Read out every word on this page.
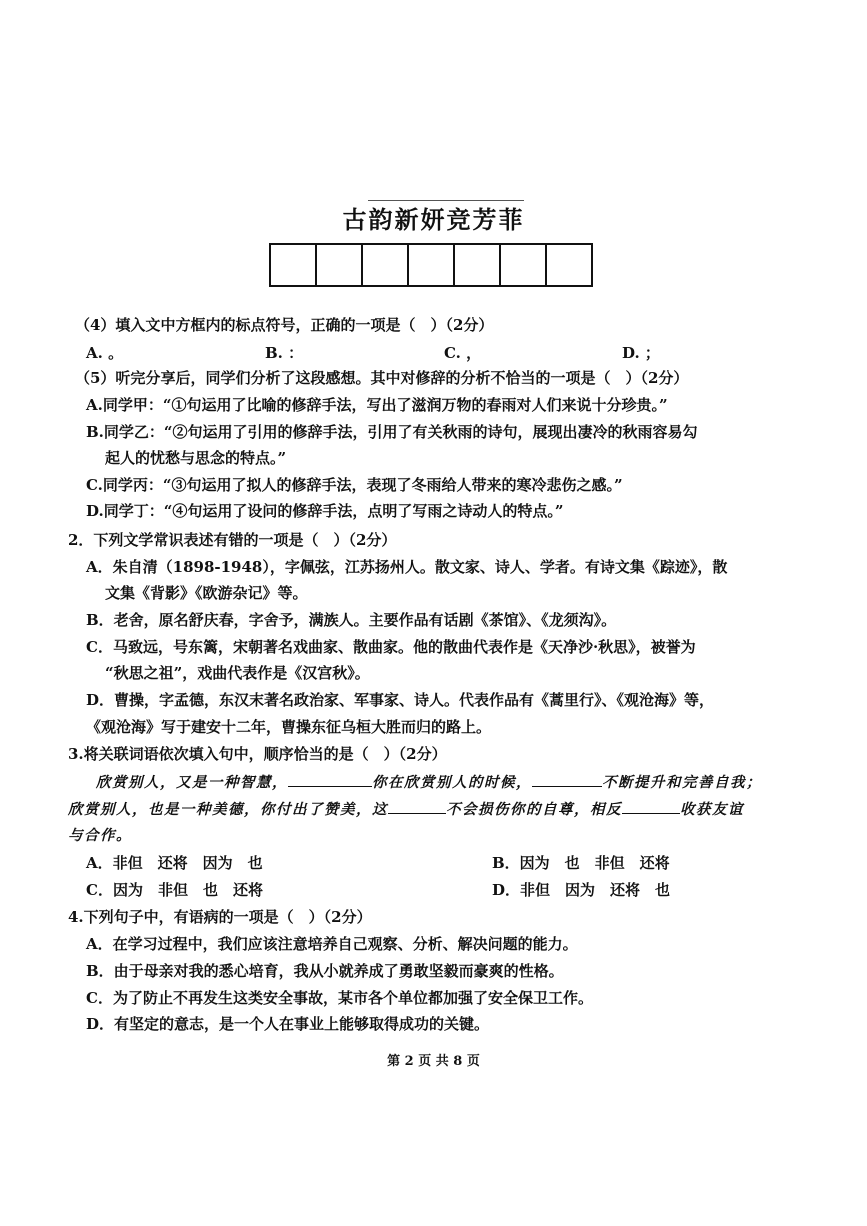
古韵新妍竞芳菲
（4）填入文中方框内的标点符号，正确的一项是（　）（2分）
A. 。	B. ：	C. ，	D. ；
（5）听完分享后，同学们分析了这段感想。其中对修辞的分析不恰当的一项是（　）（2分）
A.同学甲：“①句运用了比喻的修辞手法，写出了滋润万物的春雨对人们来说十分珍贵。”
B.同学乙：“②句运用了引用的修辞手法，引用了有关秋雨的诗句，展现出凄冷的秋雨容易勾
起人的忧愁与思念的特点。”
C.同学丙：“③句运用了拟人的修辞手法，表现了冬雨给人带来的寒冷悲伤之感。”
D.同学丁：“④句运用了设问的修辞手法，点明了写雨之诗动人的特点。”
2．下列文学常识表述有错的一项是（　）（2分）
A．朱自清（1898-1948），字佩弦，江苏扬州人。散文家、诗人、学者。有诗文集《踪迹》，散
文集《背影》《欧游杂记》等。
B．老舍，原名舒庆春，字舍予，满族人。主要作品有话剧《茶馆》、《龙须沟》。
C．马致远，号东篱，宋朝著名戏曲家、散曲家。他的散曲代表作是《天净沙·秋思》，被誉为
“秋思之祖”，戏曲代表作是《汉宫秋》。
D．曹操，字孟德，东汉末著名政治家、军事家、诗人。代表作品有《蒿里行》、《观沧海》等，
《观沧海》写于建安十二年，曹操东征乌桓大胜而归的路上。
3.将关联词语依次填入句中，顺序恰当的是（　）（2分）
欣赏别人，又是一种智慧，	你在欣赏别人的时候，	不断提升和完善自我；
欣赏别人，也是一种美德，你付出了赞美，这	不会损伤你的自尊，相反	收获友谊
与合作。
A．非但　还将　因为　也	B．因为　也　非但　还将
C．因为　非但　也　还将	D．非但　因为　还将　也
4.下列句子中，有语病的一项是（　）（2分）
A．在学习过程中，我们应该注意培养自己观察、分析、解决问题的能力。
B．由于母亲对我的悉心培育，我从小就养成了勇敢坚毅而豪爽的性格。
C．为了防止不再发生这类安全事故，某市各个单位都加强了安全保卫工作。
D．有坚定的意志，是一个人在事业上能够取得成功的关键。
第 2 页 共 8 页
